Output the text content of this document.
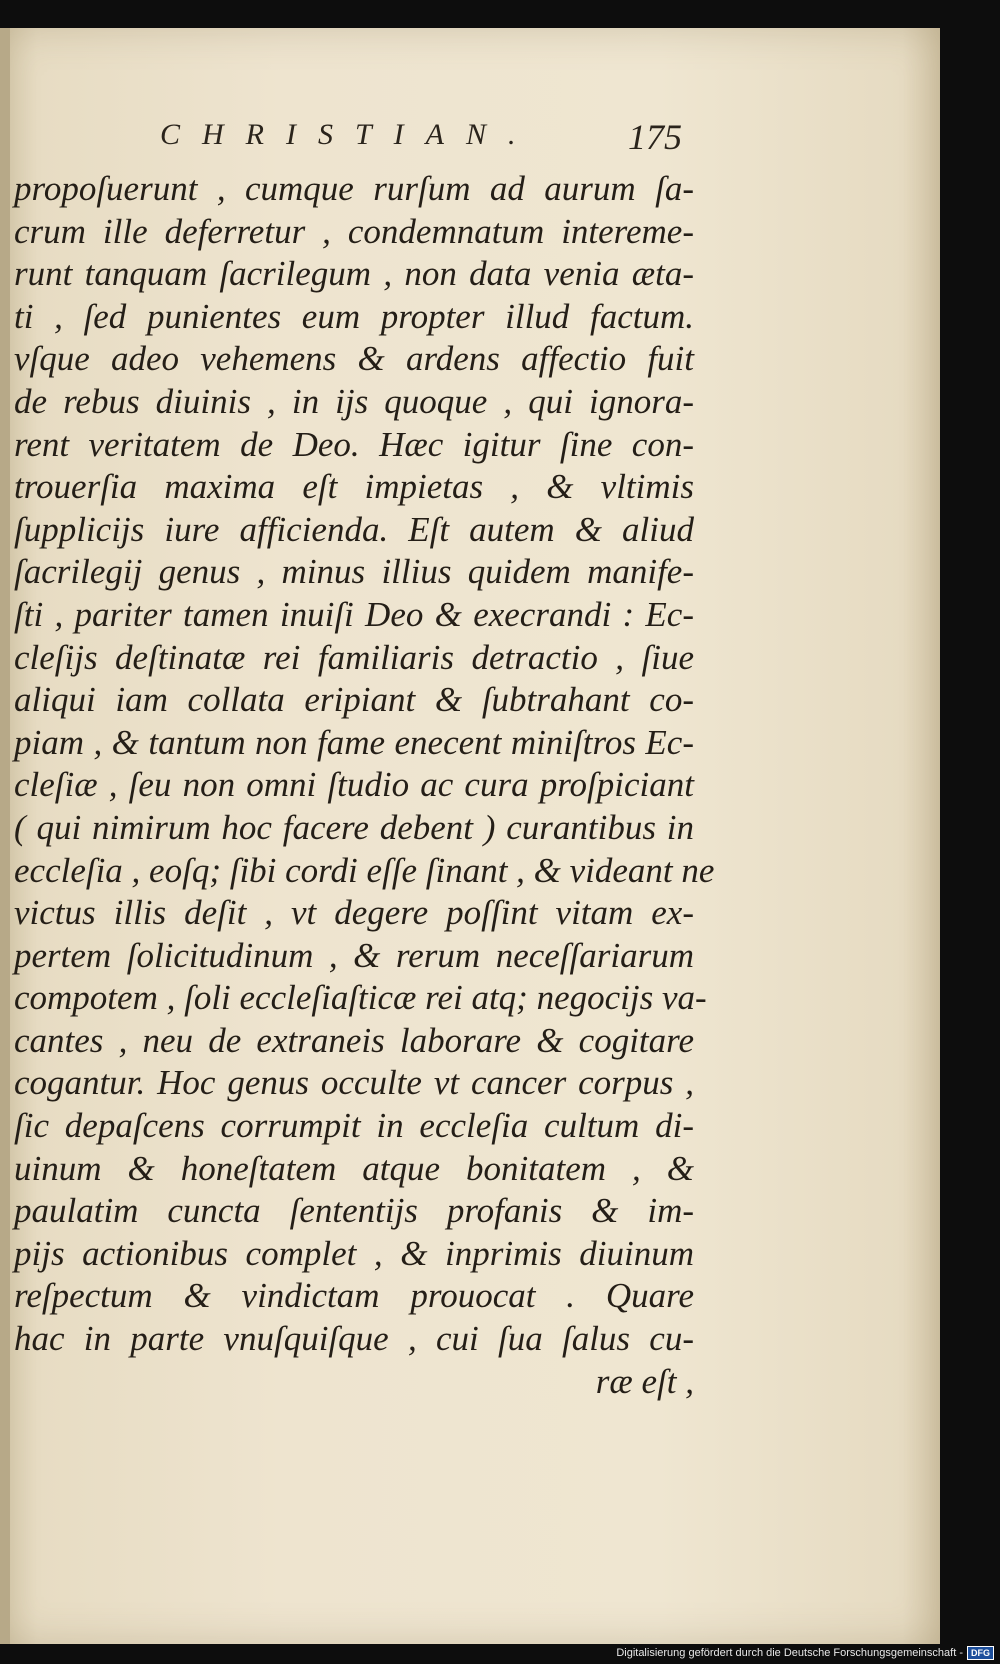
CHRISTIAN.	175
propoſuerunt , cumque rurſum ad aurum ſa-
crum ille deferretur , condemnatum intereme-
runt tanquam ſacrilegum , non data venia æta-
ti , ſed punientes eum propter illud factum.
vſque adeo vehemens & ardens affectio fuit
de rebus diuinis , in ijs quoque , qui ignora-
rent veritatem de Deo. Hæc igitur ſine con-
trouerſia maxima eſt impietas , & vltimis
ſupplicijs iure afficienda. Eſt autem & aliud
ſacrilegij genus , minus illius quidem manife-
ſti , pariter tamen inuiſi Deo & execrandi : Ec-
cleſijs deſtinatæ rei familiaris detractio , ſiue
aliqui iam collata eripiant & ſubtrahant co-
piam , & tantum non fame enecent miniſtros Ec-
cleſiæ , ſeu non omni ſtudio ac cura proſpiciant
( qui nimirum hoc facere debent ) curantibus in
eccleſia , eoſq; ſibi cordi eſſe ſinant , & videant ne
victus illis deſit , vt degere poſſint vitam ex-
pertem ſolicitudinum , & rerum neceſſariarum
compotem , ſoli eccleſiaſticæ rei atq; negocijs va-
cantes , neu de extraneis laborare & cogitare
cogantur. Hoc genus occulte vt cancer corpus ,
ſic depaſcens corrumpit in eccleſia cultum di-
uinum & honeſtatem atque bonitatem , &
paulatim cuncta ſententijs profanis & im-
pijs actionibus complet , & inprimis diuinum
reſpectum & vindictam prouocat . Quare
hac in parte vnuſquiſque , cui ſua ſalus cu-
ræ eſt ,
Digitalisierung gefördert durch die Deutsche Forschungsgemeinschaft - DFG
